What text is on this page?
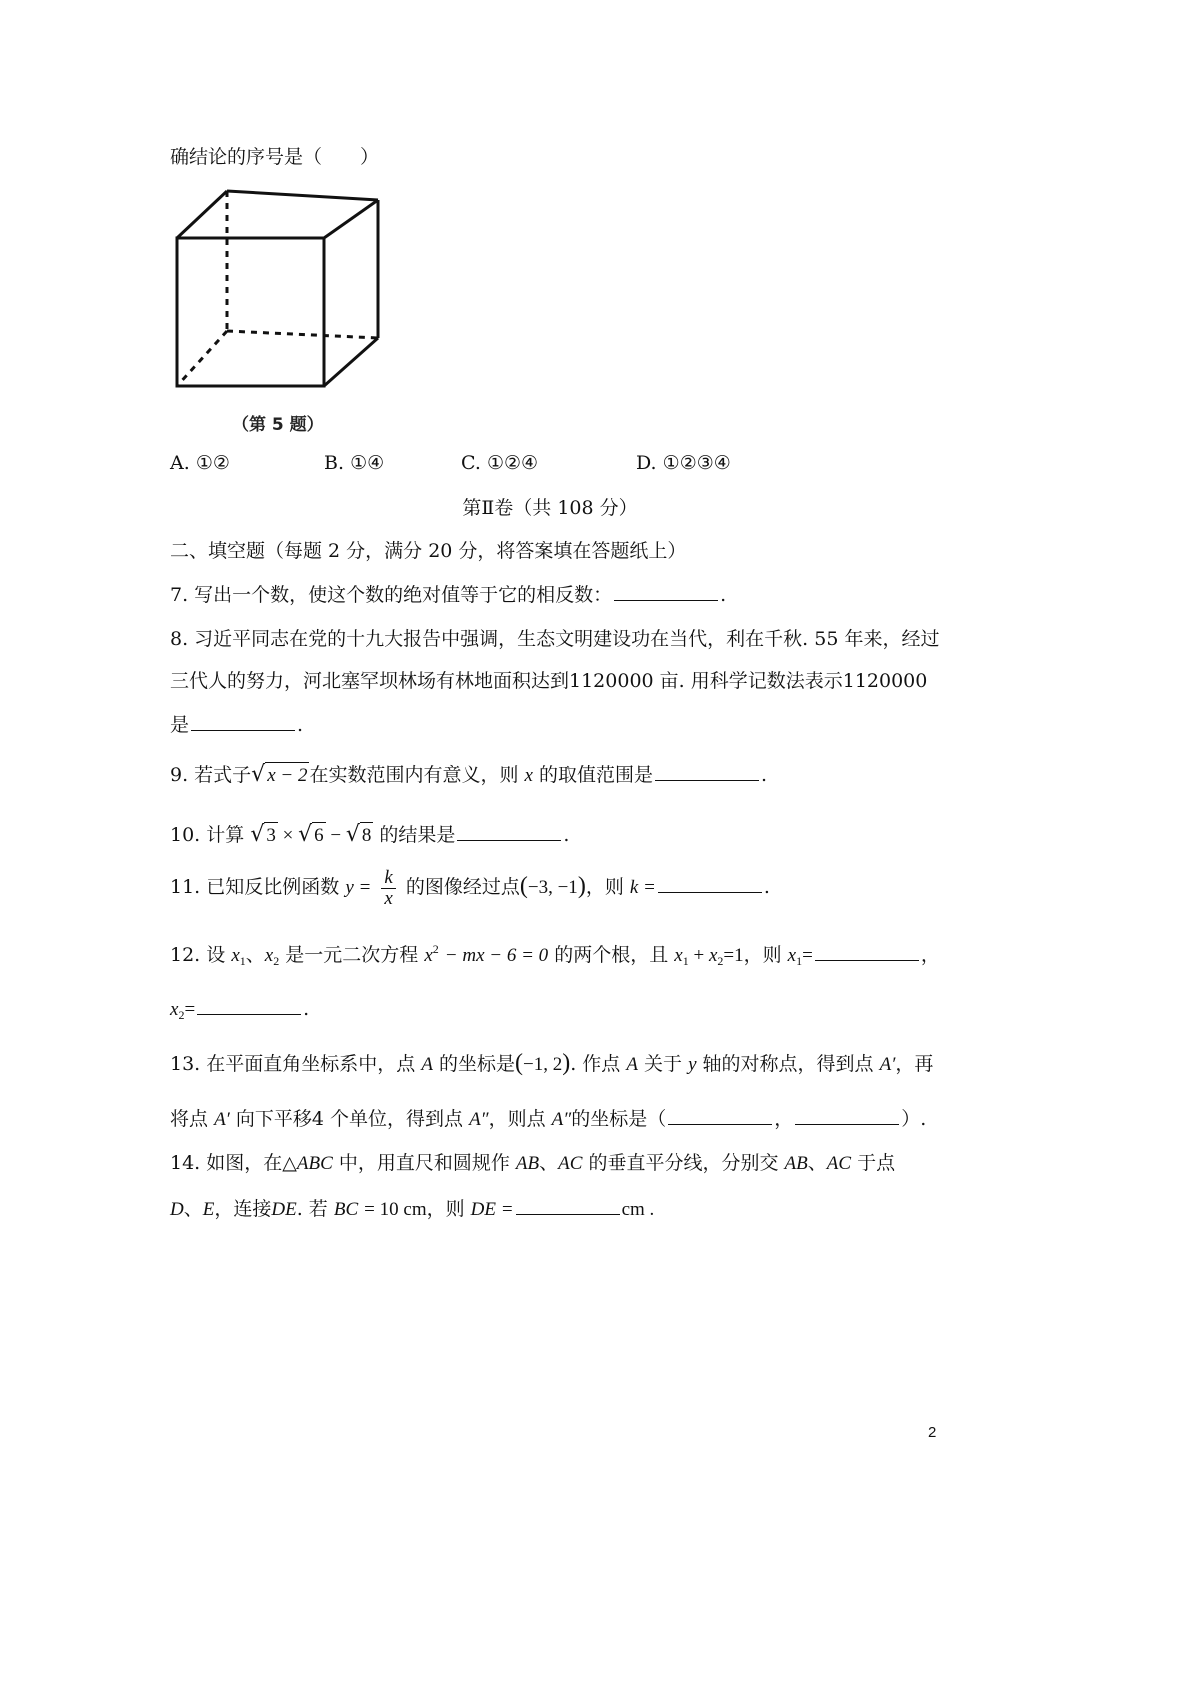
确结论的序号是（　　）
（第 5 题）
A. ①②	B. ①④	C. ①②④	D. ①②③④
第Ⅱ卷（共 108 分）
二、填空题（每题 2 分，满分 20 分，将答案填在答题纸上）
7. 写出一个数，使这个数的绝对值等于它的相反数：	.
8. 习近平同志在党的十九大报告中强调，生态文明建设功在当代，利在千秋. 55 年来，经过
三代人的努力，河北塞罕坝林场有林地面积达到1120000 亩. 用科学记数法表示1120000
是	.
9. 若式子√ x − 2 在实数范围内有意义，则 x 的取值范围是	.
10. 计算 √ 3 × √ 6 − √ 8 的结果是	.
11. 已知反比例函数 $y = \frac{k}{x}$ 的图像经过点(−3, −1)，则 k =	.
12. 设 $x_1$、$x_2$ 是一元二次方程 $x^2$ − mx − 6 = 0 的两个根，且 $x_1 + x_2=1$，则 $x_1=$	，
$x_2=$	.
13. 在平面直角坐标系中，点 A 的坐标是(−1, 2). 作点 A 关于 y 轴的对称点，得到点 A′，再
将点 A′ 向下平移4 个单位，得到点 A″，则点 A″的坐标是（	，	）.
14. 如图，在△ABC 中，用直尺和圆规作 AB、AC 的垂直平分线，分别交 AB、AC 于点
D、E，连接DE. 若 BC = 10 cm，则 DE =	cm .
2
